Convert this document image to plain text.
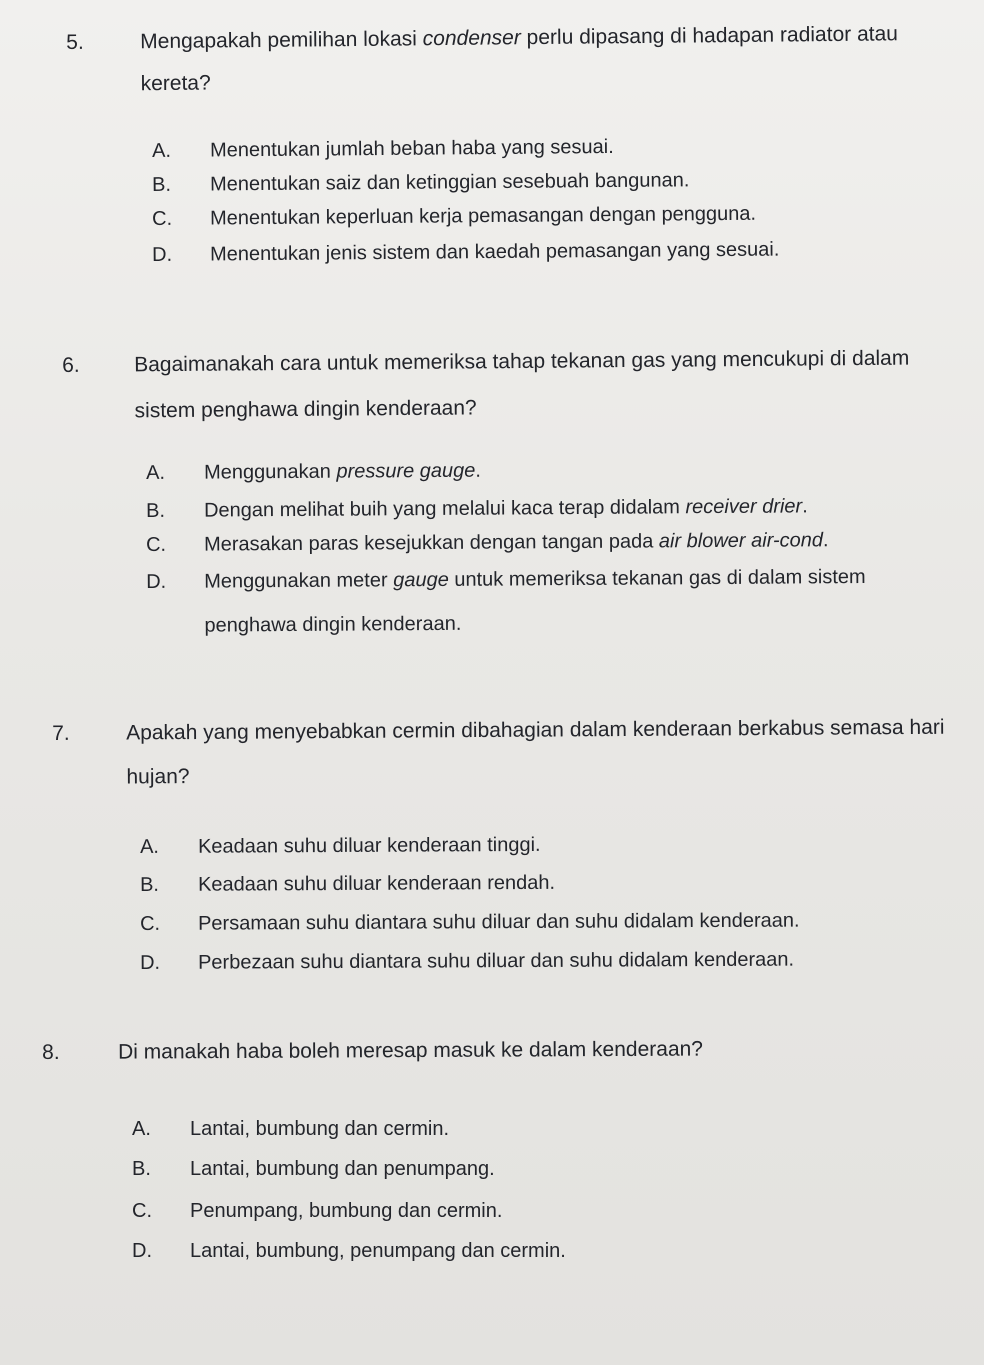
5.	Mengapakah pemilihan lokasi condenser perlu dipasang di hadapan radiator atau kereta?
A. Menentukan jumlah beban haba yang sesuai.
B. Menentukan saiz dan ketinggian sesebuah bangunan.
C. Menentukan keperluan kerja pemasangan dengan pengguna.
D. Menentukan jenis sistem dan kaedah pemasangan yang sesuai.
6.	Bagaimanakah cara untuk memeriksa tahap tekanan gas yang mencukupi di dalam sistem penghawa dingin kenderaan?
A. Menggunakan pressure gauge.
B. Dengan melihat buih yang melalui kaca terap didalam receiver drier.
C. Merasakan paras kesejukkan dengan tangan pada air blower air-cond.
D.	Menggunakan meter gauge untuk memeriksa tekanan gas di dalam sistem penghawa dingin kenderaan.
7.	Apakah yang menyebabkan cermin dibahagian dalam kenderaan berkabus semasa hari hujan?
A. Keadaan suhu diluar kenderaan tinggi.
B. Keadaan suhu diluar kenderaan rendah.
C. Persamaan suhu diantara suhu diluar dan suhu didalam kenderaan.
D. Perbezaan suhu diantara suhu diluar dan suhu didalam kenderaan.
8.	Di manakah haba boleh meresap masuk ke dalam kenderaan?
A. Lantai, bumbung dan cermin.
B. Lantai, bumbung dan penumpang.
C. Penumpang, bumbung dan cermin.
D. Lantai, bumbung, penumpang dan cermin.
